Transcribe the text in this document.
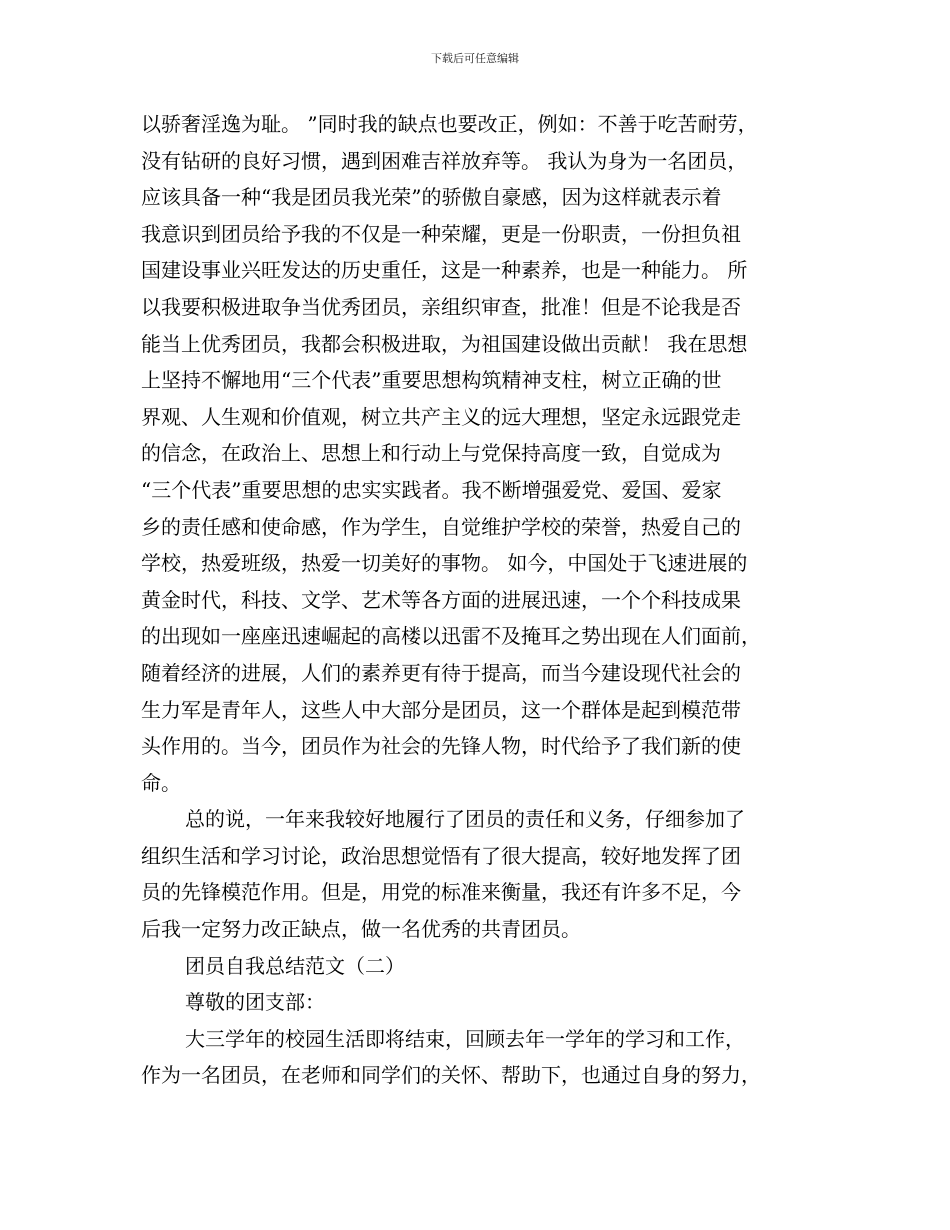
下载后可任意编辑
以骄奢淫逸为耻。 ”同时我的缺点也要改正，例如：不善于吃苦耐劳，
没有钻研的良好习惯，遇到困难吉祥放弃等。 我认为身为一名团员，
应该具备一种“我是团员我光荣”的骄傲自豪感，因为这样就表示着
我意识到团员给予我的不仅是一种荣耀，更是一份职责，一份担负祖
国建设事业兴旺发达的历史重任，这是一种素养，也是一种能力。 所
以我要积极进取争当优秀团员，亲组织审查，批准！但是不论我是否
能当上优秀团员，我都会积极进取，为祖国建设做出贡献！ 我在思想
上坚持不懈地用“三个代表”重要思想构筑精神支柱，树立正确的世
界观、人生观和价值观，树立共产主义的远大理想，坚定永远跟党走
的信念，在政治上、思想上和行动上与党保持高度一致，自觉成为
“三个代表”重要思想的忠实实践者。我不断增强爱党、爱国、爱家
乡的责任感和使命感，作为学生，自觉维护学校的荣誉，热爱自己的
学校，热爱班级，热爱一切美好的事物。 如今，中国处于飞速进展的
黄金时代，科技、文学、艺术等各方面的进展迅速，一个个科技成果
的出现如一座座迅速崛起的高楼以迅雷不及掩耳之势出现在人们面前，
随着经济的进展，人们的素养更有待于提高，而当今建设现代社会的
生力军是青年人，这些人中大部分是团员，这一个群体是起到模范带
头作用的。当今，团员作为社会的先锋人物，时代给予了我们新的使
命。
总的说，一年来我较好地履行了团员的责任和义务，仔细参加了
组织生活和学习讨论，政治思想觉悟有了很大提高，较好地发挥了团
员的先锋模范作用。但是，用党的标准来衡量，我还有许多不足，今
后我一定努力改正缺点，做一名优秀的共青团员。
团员自我总结范文（二）
尊敬的团支部：
大三学年的校园生活即将结束，回顾去年一学年的学习和工作，
作为一名团员，在老师和同学们的关怀、帮助下，也通过自身的努力，
